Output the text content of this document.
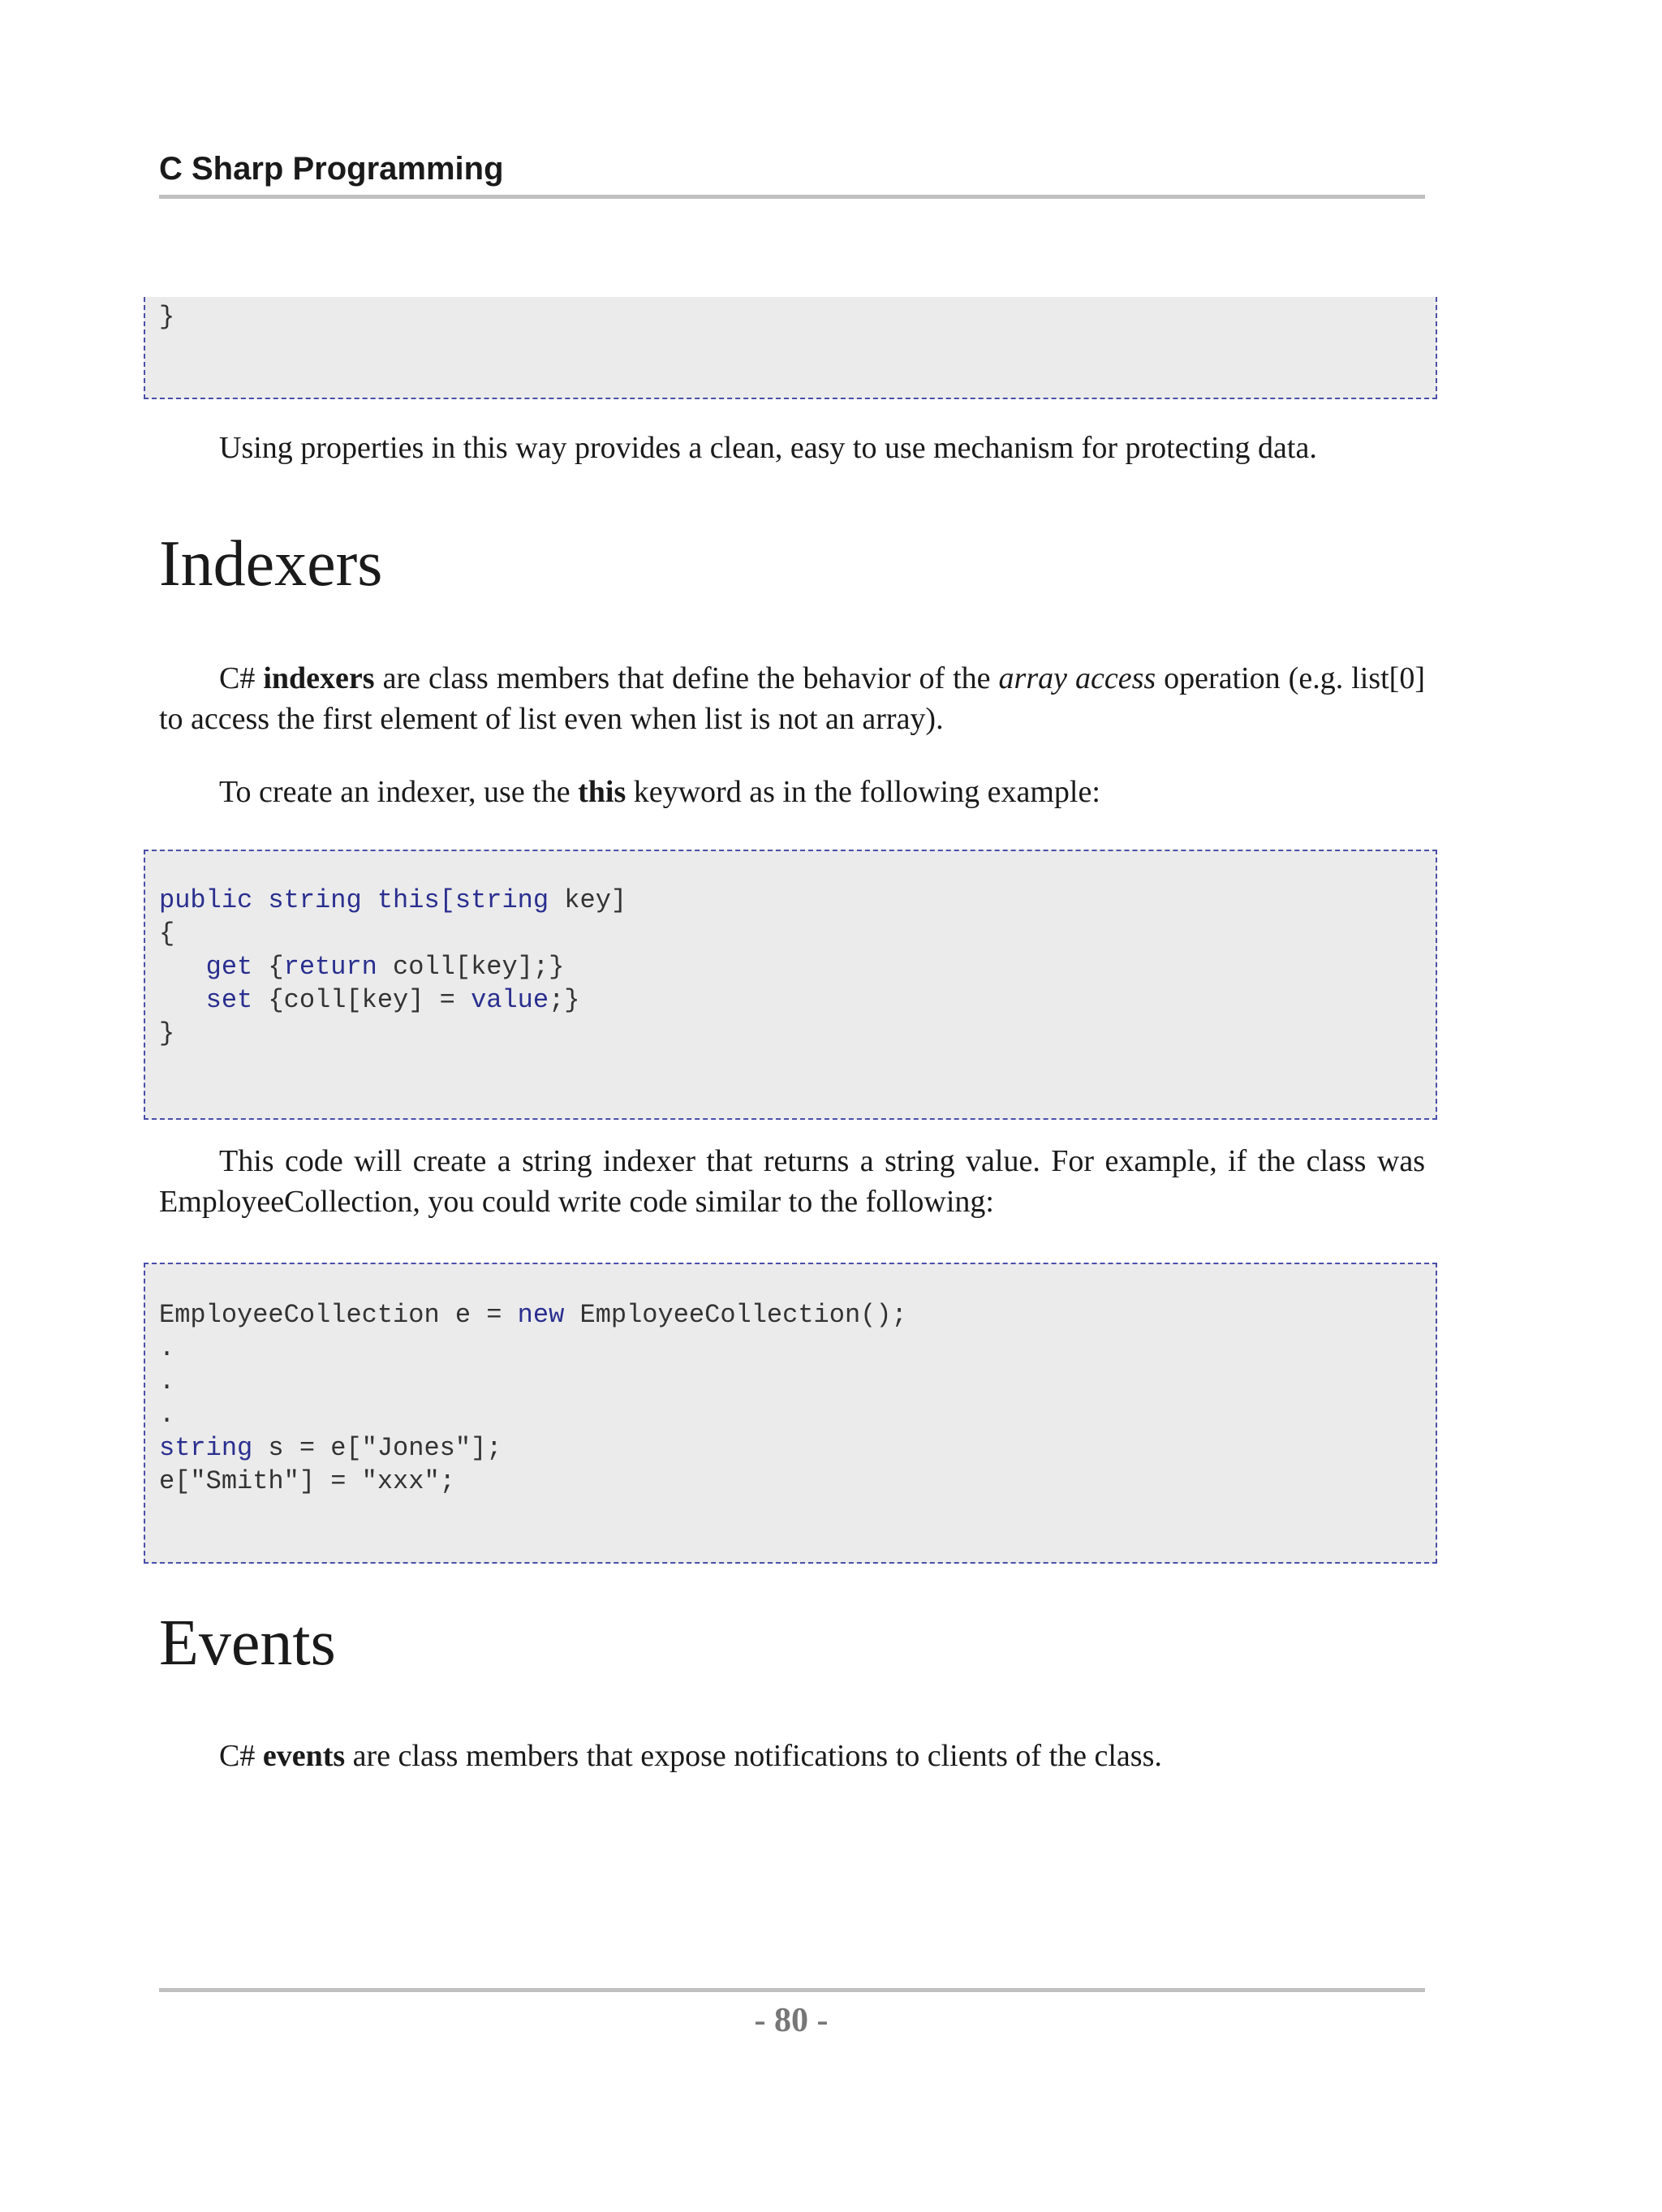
C Sharp Programming
}

Using properties in this way provides a clean, easy to use mechanism for protecting data.

Indexers

C# indexers are class members that define the behavior of the array access operation (e.g. list[0] to access the first element of list even when list is not an array).

To create an indexer, use the this keyword as in the following example:

public string this[string key]
{
get {return coll[key];}
set {coll[key] = value;}
}

This code will create a string indexer that returns a string value. For example, if the class was EmployeeCollection, you could write code similar to the following:

EmployeeCollection e = new EmployeeCollection();
.
.
.
string s = e["Jones"];
e["Smith"] = "xxx";
Events

C# events are class members that expose notifications to clients of the class.

- 80 -
